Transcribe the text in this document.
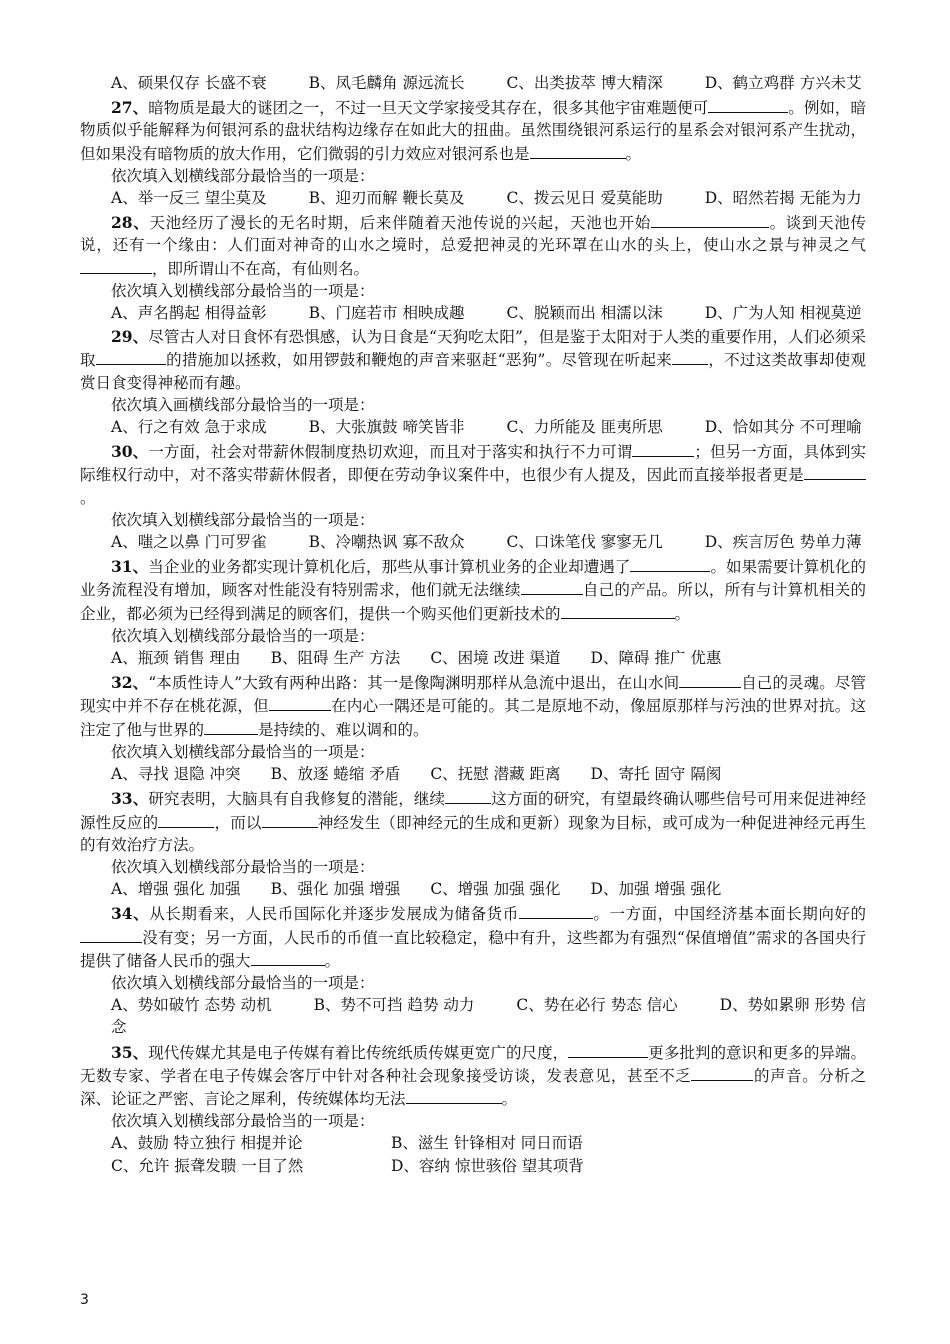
A、硕果仅存 长盛不衰	B、凤毛麟角 源远流长	C、出类拔萃 博大精深	D、鹤立鸡群 方兴未艾
27、暗物质是最大的谜团之一，不过一旦天文学家接受其存在，很多其他宇宙难题便可	。例如，暗物质似乎能解释为何银河系的盘状结构边缘存在如此大的扭曲。虽然围绕银河系运行的星系会对银河系产生扰动，但如果没有暗物质的放大作用，它们微弱的引力效应对银河系也是	。
依次填入划横线部分最恰当的一项是：
A、举一反三 望尘莫及	B、迎刃而解 鞭长莫及	C、拨云见日 爱莫能助	D、昭然若揭 无能为力
28、天池经历了漫长的无名时期，后来伴随着天池传说的兴起，天池也开始	。谈到天池传说，还有一个缘由：人们面对神奇的山水之境时，总爱把神灵的光环罩在山水的头上，使山水之景与神灵之气，即所谓山不在高，有仙则名。
依次填入划横线部分最恰当的一项是：
A、声名鹊起 相得益彰	B、门庭若市 相映成趣	C、脱颖而出 相濡以沫	D、广为人知 相视莫逆
29、尽管古人对日食怀有恐惧感，认为日食是“天狗吃太阳”，但是鉴于太阳对于人类的重要作用，人们必须采取	的措施加以拯救，如用锣鼓和鞭炮的声音来驱赶“恶狗”。尽管现在听起来 ，不过这类故事却使观赏日食变得神秘而有趣。
依次填入画横线部分最恰当的一项是：
A、行之有效 急于求成	B、大张旗鼓 啼笑皆非	C、力所能及 匪夷所思	D、恰如其分 不可理喻
30、一方面，社会对带薪休假制度热切欢迎，而且对于落实和执行不力可谓	；但另一方面，具体到实际维权行动中，对不落实带薪休假者，即便在劳动争议案件中，也很少有人提及，因此而直接举报者更是。
依次填入划横线部分最恰当的一项是：
A、嗤之以鼻 门可罗雀	B、冷嘲热讽 寡不敌众	C、口诛笔伐 寥寥无几	D、疾言厉色 势单力薄
31、当企业的业务都实现计算机化后，那些从事计算机业务的企业却遭遇了	。如果需要计算机化的业务流程没有增加，顾客对性能没有特别需求，他们就无法继续	自己的产品。所以，所有与计算机相关的企业，都必须为已经得到满足的顾客们，提供一个购买他们更新技术的	。
依次填入划横线部分最恰当的一项是：
A、瓶颈 销售 理由 B、阻碍 生产 方法 C、困境 改进 渠道 D、障碍 推广 优惠
32、“本质性诗人”大致有两种出路：其一是像陶渊明那样从急流中退出，在山水间	自己的灵魂。尽管现实中并不存在桃花源，但	在内心一隅还是可能的。其二是原地不动，像屈原那样与污浊的世界对抗。这注定了他与世界的	是持续的、难以调和的。
依次填入划横线部分最恰当的一项是：
A、寻找 退隐 冲突 B、放逐 蜷缩 矛盾 C、抚慰 潜藏 距离 D、寄托 固守 隔阂
33、研究表明，大脑具有自我修复的潜能，继续	这方面的研究，有望最终确认哪些信号可用来促进神经源性反应的	，而以	神经发生（即神经元的生成和更新）现象为目标，或可成为一种促进神经元再生的有效治疗方法。
依次填入划横线部分最恰当的一项是：
A、增强 强化 加强 B、强化 加强 增强 C、增强 加强 强化 D、加强 增强 强化
34、从长期看来，人民币国际化并逐步发展成为储备货币	。一方面，中国经济基本面长期向好的没有变；另一方面，人民币的币值一直比较稳定，稳中有升，这些都为有强烈“保值增值”需求的各国央行提供了储备人民币的强大	。
依次填入划横线部分最恰当的一项是：
A、势如破竹 态势 动机	B、势不可挡 趋势 动力	C、势在必行 势态 信心	D、势如累卵 形势 信念
35、现代传媒尤其是电子传媒有着比传统纸质传媒更宽广的尺度，	更多批判的意识和更多的异端。无数专家、学者在电子传媒会客厅中针对各种社会现象接受访谈，发表意见，甚至不乏	的声音。分析之深、论证之严密、言论之犀利，传统媒体均无法	。
依次填入划横线部分最恰当的一项是：
A、鼓励 特立独行 相提并论	B、滋生 针锋相对 同日而语
C、允许 振聋发聩 一目了然	D、容纳 惊世骇俗 望其项背
3
